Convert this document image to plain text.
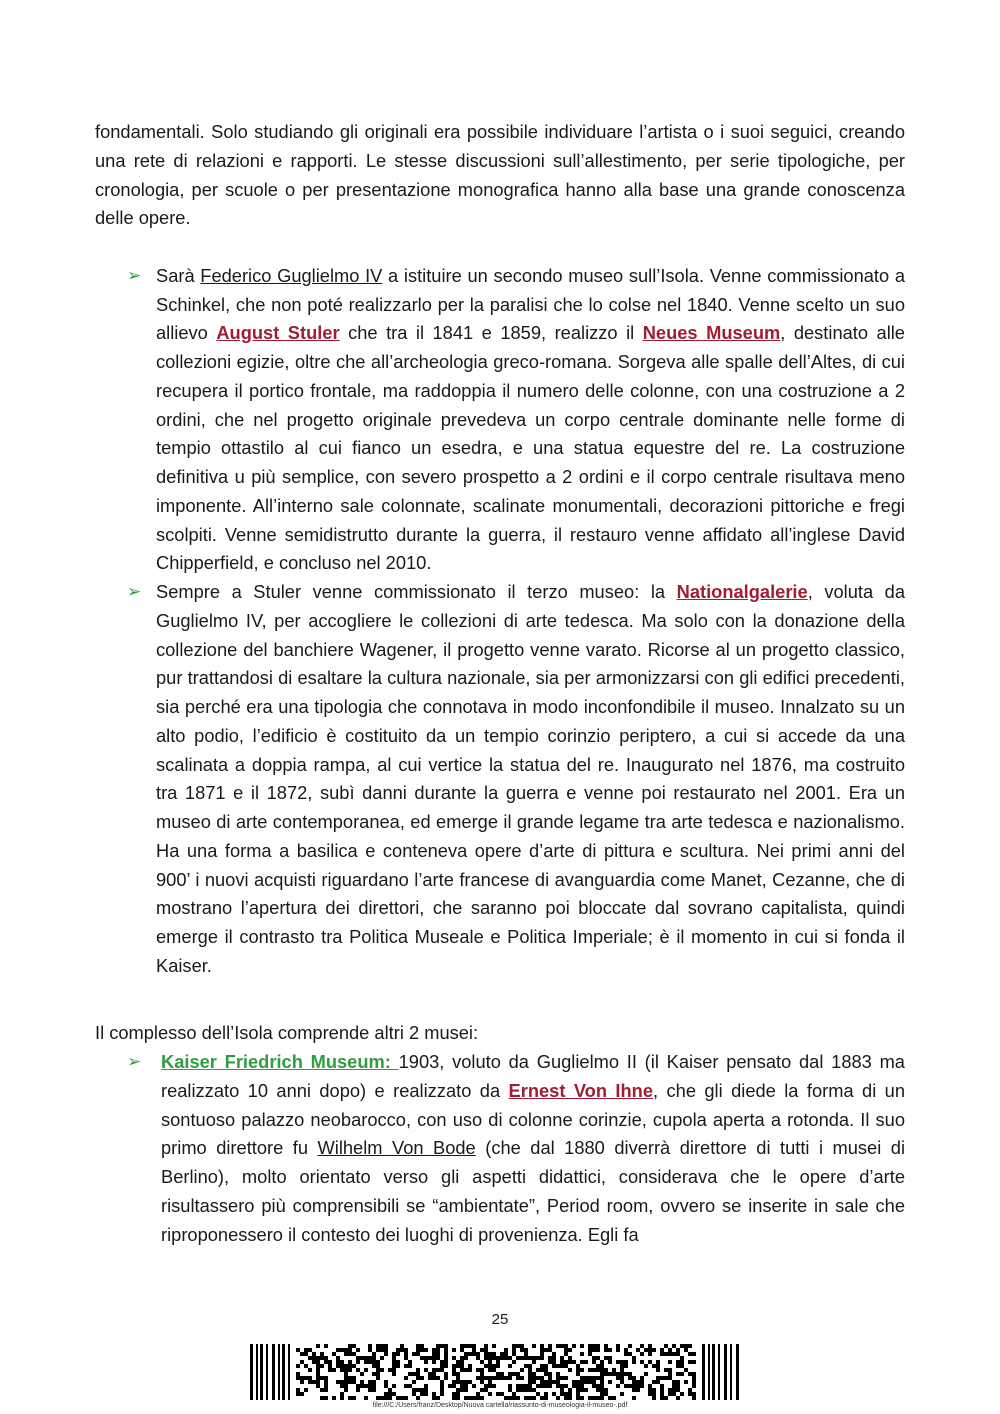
fondamentali. Solo studiando gli originali era possibile individuare l’artista o i suoi seguici, creando una rete di relazioni e rapporti. Le stesse discussioni sull’allestimento, per serie tipologiche, per cronologia, per scuole o per presentazione monografica hanno alla base una grande conoscenza delle opere.

➢ Sarà Federico Guglielmo IV a istituire un secondo museo sull’Isola. Venne commissionato a Schinkel, che non poté realizzarlo per la paralisi che lo colse nel 1840. Venne scelto un suo allievo August Stuler che tra il 1841 e 1859, realizzo il Neues Museum, destinato alle collezioni egizie, oltre che all’archeologia greco-romana. Sorgeva alle spalle dell’Altes, di cui recupera il portico frontale, ma raddoppia il numero delle colonne, con una costruzione a 2 ordini, che nel progetto originale prevedeva un corpo centrale dominante nelle forme di tempio ottastilo al cui fianco un esedra, e una statua equestre del re. La costruzione definitiva u più semplice, con severo prospetto a 2 ordini e il corpo centrale risultava meno imponente. All’interno sale colonnate, scalinate monumentali, decorazioni pittoriche e fregi scolpiti. Venne semidistrutto durante la guerra, il restauro venne affidato all’inglese David Chipperfield, e concluso nel 2010.

➢ Sempre a Stuler venne commissionato il terzo museo: la Nationalgalerie, voluta da Guglielmo IV, per accogliere le collezioni di arte tedesca. Ma solo con la donazione della collezione del banchiere Wagener, il progetto venne varato. Ricorse al un progetto classico, pur trattandosi di esaltare la cultura nazionale, sia per armonizzarsi con gli edifici precedenti, sia perché era una tipologia che connotava in modo inconfondibile il museo. Innalzato su un alto podio, l’edificio è costituito da un tempio corinzio periptero, a cui si accede da una scalinata a doppia rampa, al cui vertice la statua del re. Inaugurato nel 1876, ma costruito tra 1871 e il 1872, subì danni durante la guerra e venne poi restaurato nel 2001. Era un museo di arte contemporanea, ed emerge il grande legame tra arte tedesca e nazionalismo. Ha una forma a basilica e conteneva opere d’arte di pittura e scultura. Nei primi anni del 900’ i nuovi acquisti riguardano l’arte francese di avanguardia come Manet, Cezanne, che di mostrano l’apertura dei direttori, che saranno poi bloccate dal sovrano capitalista, quindi emerge il contrasto tra Politica Museale e Politica Imperiale; è il momento in cui si fonda il Kaiser.

Il complesso dell’Isola comprende altri 2 musei:

➢ Kaiser Friedrich Museum: 1903, voluto da Guglielmo II (il Kaiser pensato dal 1883 ma realizzato 10 anni dopo) e realizzato da Ernest Von Ihne, che gli diede la forma di un sontuoso palazzo neobarocco, con uso di colonne corinzie, cupola aperta a rotonda. Il suo primo direttore fu Wilhelm Von Bode (che dal 1880 diverrà direttore di tutti i musei di Berlino), molto orientato verso gli aspetti didattici, considerava che le opere d’arte risultassero più comprensibili se “ambientate”, Period room, ovvero se inserite in sale che riproponessero il contesto dei luoghi di provenienza. Egli fa

25
file:///C:/Users/franz/Desktop/Nuova cartella/riassunto-di-museologia-il-museo-.pdf
